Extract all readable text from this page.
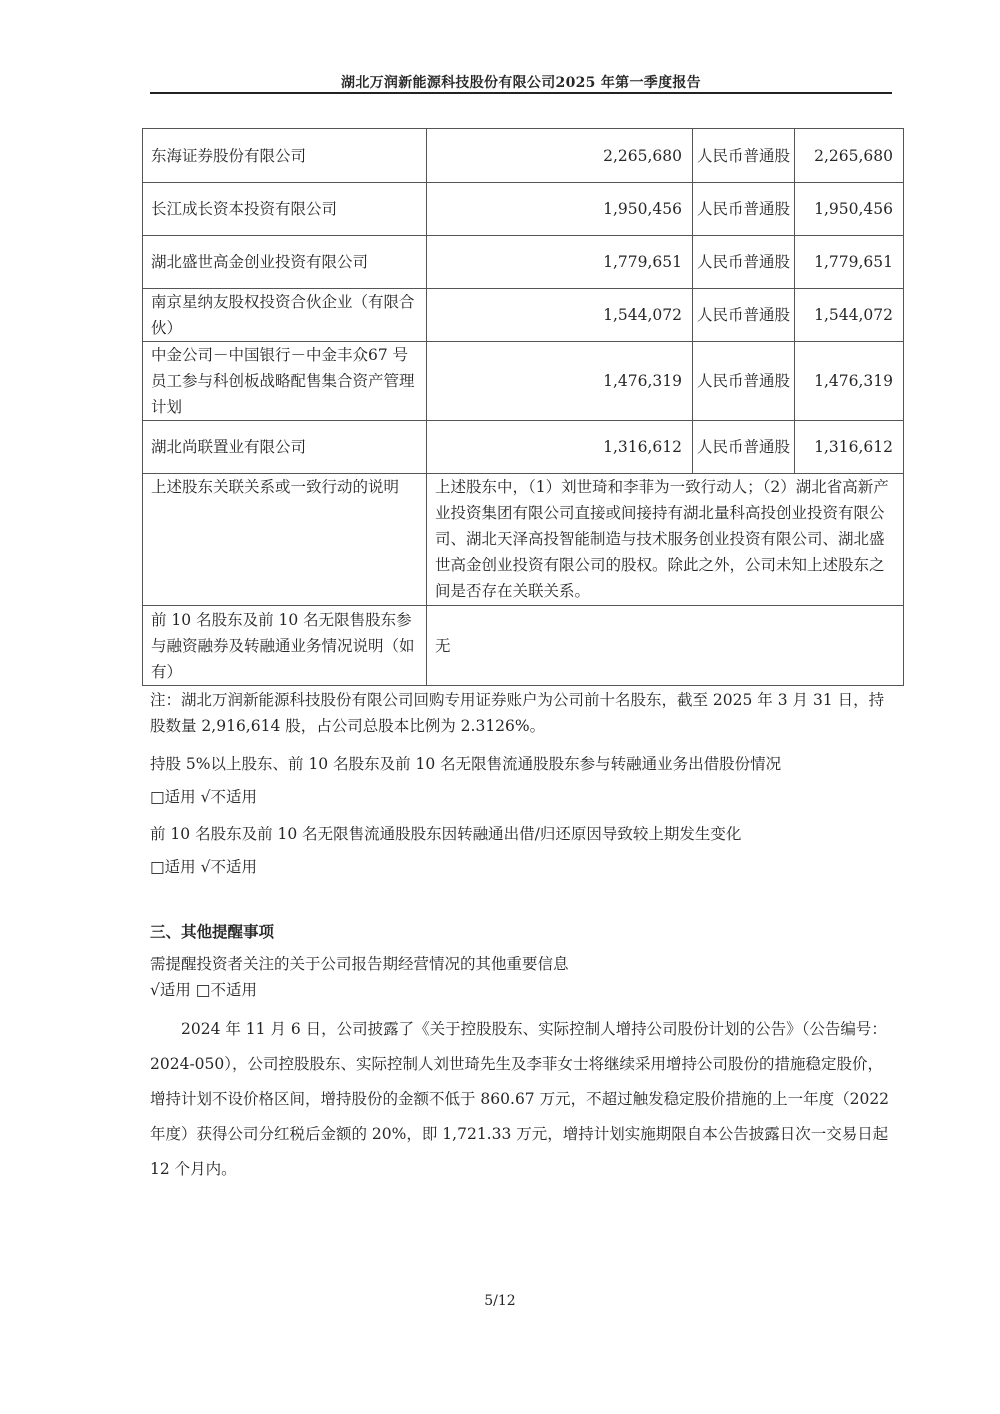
湖北万润新能源科技股份有限公司2025 年第一季度报告
东海证券股份有限公司	2,265,680	人民币普通股	2,265,680
长江成长资本投资有限公司	1,950,456	人民币普通股	1,950,456
湖北盛世高金创业投资有限公司	1,779,651	人民币普通股	1,779,651
南京星纳友股权投资合伙企业（有限合伙）	1,544,072	人民币普通股	1,544,072
中金公司－中国银行－中金丰众67 号员工参与科创板战略配售集合资产管理计划	1,476,319	人民币普通股	1,476,319
湖北尚联置业有限公司	1,316,612	人民币普通股	1,316,612
上述股东关联关系或一致行动的说明	上述股东中，（1）刘世琦和李菲为一致行动人；（2）湖北省高新产业投资集团有限公司直接或间接持有湖北量科高投创业投资有限公司、湖北天泽高投智能制造与技术服务创业投资有限公司、湖北盛世高金创业投资有限公司的股权。除此之外，公司未知上述股东之间是否存在关联关系。		
前 10 名股东及前 10 名无限售股东参与融资融券及转融通业务情况说明（如有）	无		
注：湖北万润新能源科技股份有限公司回购专用证券账户为公司前十名股东，截至 2025 年 3 月 31 日，持股数量 2,916,614 股，占公司总股本比例为 2.3126%。
持股 5%以上股东、前 10 名股东及前 10 名无限售流通股股东参与转融通业务出借股份情况
□适用 √不适用
前 10 名股东及前 10 名无限售流通股股东因转融通出借/归还原因导致较上期发生变化
□适用 √不适用
三、其他提醒事项
需提醒投资者关注的关于公司报告期经营情况的其他重要信息
√适用 □不适用
2024 年 11 月 6 日，公司披露了《关于控股股东、实际控制人增持公司股份计划的公告》（公告编号：2024-050），公司控股股东、实际控制人刘世琦先生及李菲女士将继续采用增持公司股份的措施稳定股价，增持计划不设价格区间，增持股份的金额不低于 860.67 万元，不超过触发稳定股价措施的上一年度（2022 年度）获得公司分红税后金额的 20%，即 1,721.33 万元，增持计划实施期限自本公告披露日次一交易日起 12 个月内。
5/12
